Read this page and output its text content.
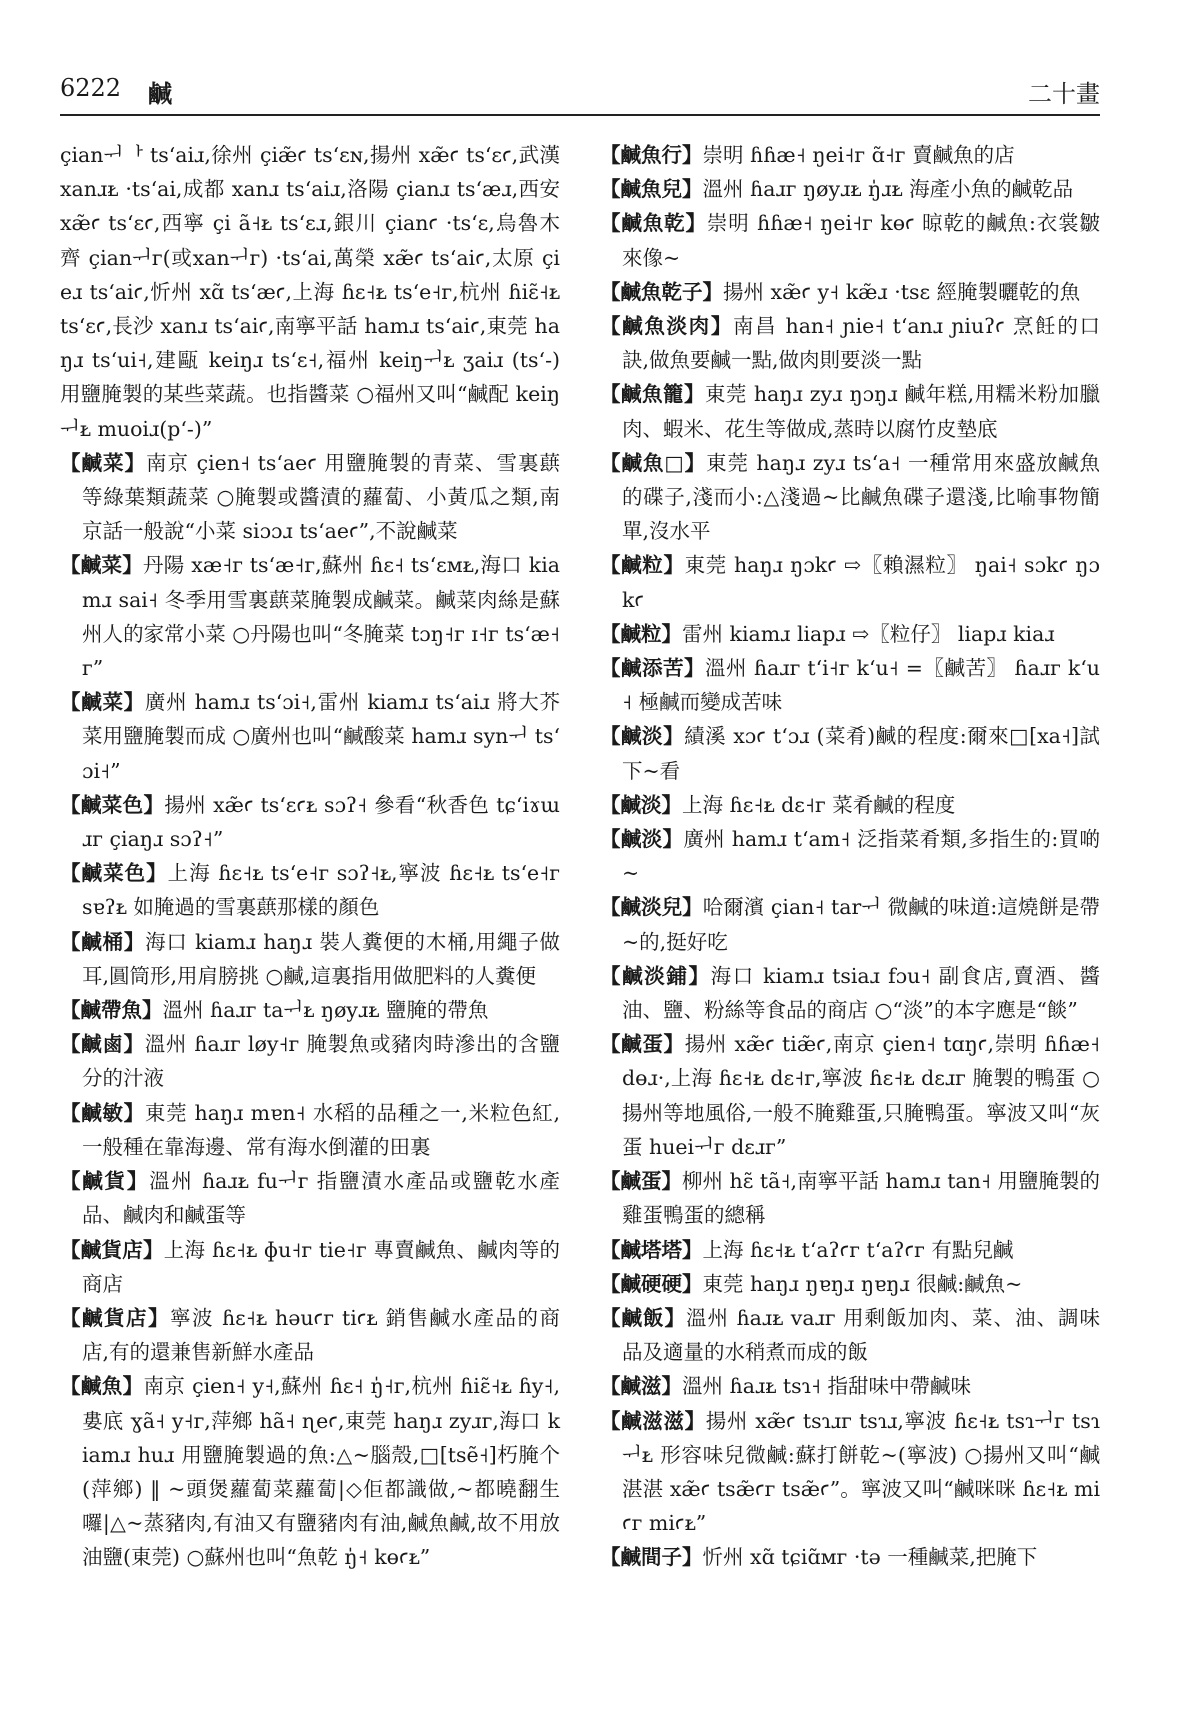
6222 鹹	二十畫
çianᅱᅡ tsʻaiɹ,徐州 çiæ̃ꜥ tsʻɛɴ,揚州 xæ̃ꜥ tsʻɛꜥ,武漢 xanɹᴌ ·tsʻai,成都 xanɹ tsʻaiɹ,洛陽 çianɹ tsʻæɹ,西安 xæ̃ꜥ tsʻɛꜥ,西寧 çi ã˧ᴌ tsʻɛɹ,銀川 çianꜥ ·tsʻɛ,烏魯木齊 çianᅱᴦ(或xanᅱᴦ) ·tsʻai,萬榮 xæ̃ꜥ tsʻaiꜥ,太原 çieɹ tsʻaiꜥ,忻州 xɑ̃ tsʻæꜥ,上海 ɦɛ˧ᴌ tsʻe˧ᴦ,杭州 ɦiɛ̃˧ᴌ tsʻɛꜥ,長沙 xanɹ tsʻaiꜥ,南寧平話 hamɹ tsʻaiꜥ,東莞 haŋɹ tsʻui˧,建甌 keiŋɹ tsʻɛ˧,福州 keiŋᅱᴌ ʒaiɹ (tsʻ-) 用鹽腌製的某些菜蔬。也指醬菜 ○福州又叫“鹹配 keiŋᅱᴌ muoiɹ(pʻ-)”
【鹹菜】南京 çien˧ tsʻaeꜥ 用鹽腌製的青菜、雪裏蕻等綠葉類蔬菜 ○腌製或醬漬的蘿蔔、小黃瓜之類,南京話一般說“小菜 siɔɔɹ tsʻaeꜥ”,不說鹹菜
【鹹菜】丹陽 xæ˧ᴦ tsʻæ˧ᴦ,蘇州 ɦɛ˧ tsʻɛᴍᴌ,海口 kiamɹ sai˧ 冬季用雪裏蕻菜腌製成鹹菜。鹹菜肉絲是蘇州人的家常小菜 ○丹陽也叫“冬腌菜 tɔŋ˧ᴦ ɪ˧ᴦ tsʻæ˧ᴦ”
【鹹菜】廣州 hamɹ tsʻɔi˧,雷州 kiamɹ tsʻaiɹ 將大芥菜用鹽腌製而成 ○廣州也叫“鹹酸菜 hamɹ synᅱ tsʻɔi˧”
【鹹菜色】揚州 xæ̃ꜥ tsʻɛꜥᴌ sɔʔ˧ 參看“秋香色 tɕʻiɤɯɹᴦ çiaŋɹ sɔʔ˧”
【鹹菜色】上海 ɦɛ˧ᴌ tsʻe˧ᴦ sɔʔ˧ᴌ,寧波 ɦɛ˧ᴌ tsʻe˧ᴦ sɐʔᴌ 如腌過的雪裏蕻那樣的顏色
【鹹桶】海口 kiamɹ haŋɹ 裝人糞便的木桶,用繩子做耳,圓筒形,用肩膀挑 ○鹹,這裏指用做肥料的人糞便
【鹹帶魚】溫州 ɦaɹᴦ taᅱᴌ ŋøyɹᴌ 鹽腌的帶魚
【鹹鹵】溫州 ɦaɹᴦ løy˧ᴦ 腌製魚或豬肉時滲出的含鹽分的汁液
【鹹敏】東莞 haŋɹ mɐn˧ 水稻的品種之一,米粒色紅,一般種在靠海邊、常有海水倒灌的田裏
【鹹貨】溫州 ɦaɹᴌ fuᅱᴦ 指鹽漬水產品或鹽乾水產品、鹹肉和鹹蛋等
【鹹貨店】上海 ɦɛ˧ᴌ ɸu˧ᴦ tie˧ᴦ 專賣鹹魚、鹹肉等的商店
【鹹貨店】寧波 ɦɛ˧ᴌ həuꜥᴦ tiꜥᴌ 銷售鹹水產品的商店,有的還兼售新鮮水產品
【鹹魚】南京 çien˧ y˧,蘇州 ɦɛ˧ ŋ̍˧ᴦ,杭州 ɦiɛ̃˧ᴌ ɦy˧,婁底 ɣã˧ y˧ᴦ,萍鄉 hã˧ ɳeꜥ,東莞 haŋɹ zyɹᴦ,海口 kiamɹ huɹ 用鹽腌製過的魚:△~腦殼,□[tsẽ˧]朽腌个(萍鄉) ‖ ~頭煲蘿蔔菜蘿蔔|◇佢都識做,~都曉翻生囉|△~蒸豬肉,有油又有鹽豬肉有油,鹹魚鹹,故不用放油鹽(東莞) ○蘇州也叫“魚乾 ŋ̍˧ kɵꜥᴌ”
【鹹魚行】崇明 ɦɦæ˧ ŋei˧ᴦ ɑ̃˧ᴦ 賣鹹魚的店
【鹹魚兒】溫州 ɦaɹᴦ ŋøyɹᴌ ŋ̍ɹᴌ 海產小魚的鹹乾品
【鹹魚乾】崇明 ɦɦæ˧ ŋei˧ᴦ kɵꜥ 晾乾的鹹魚:衣裳皺來像~
【鹹魚乾子】揚州 xæ̃ꜥ y˧ kæ̃ɹ ·tsɛ 經腌製曬乾的魚
【鹹魚淡肉】南昌 han˧ ɲie˧ tʻanɹ ɲiuʔꜥ 烹飪的口訣,做魚要鹹一點,做肉則要淡一點
【鹹魚籠】東莞 haŋɹ zyɹ ŋɔŋɹ 鹹年糕,用糯米粉加臘肉、蝦米、花生等做成,蒸時以腐竹皮墊底
【鹹魚□】東莞 haŋɹ zyɹ tsʻa˧ 一種常用來盛放鹹魚的碟子,淺而小:△淺過~比鹹魚碟子還淺,比喻事物簡單,沒水平
【鹹粒】東莞 haŋɹ ŋɔkꜥ ⇨〖賴濕粒〗 ŋai˧ sɔkꜥ ŋɔkꜥ
【鹹粒】雷州 kiamɹ liapɹ ⇨〖粒仔〗 liapɹ kiaɹ
【鹹添苦】溫州 ɦaɹᴦ tʻi˧ᴦ kʻu˧ =〖鹹苦〗 ɦaɹᴦ kʻu˧ 極鹹而變成苦味
【鹹淡】績溪 xɔꜥ tʻɔɹ (菜肴)鹹的程度:爾來□[xa˧]試下~看
【鹹淡】上海 ɦɛ˧ᴌ dɛ˧ᴦ 菜肴鹹的程度
【鹹淡】廣州 hamɹ tʻam˧ 泛指菜肴類,多指生的:買啲~
【鹹淡兒】哈爾濱 çian˧ tarᅱ 微鹹的味道:這燒餅是帶~的,挺好吃
【鹹淡鋪】海口 kiamɹ tsiaɹ fɔu˧ 副食店,賣酒、醬油、鹽、粉絲等食品的商店 ○“淡”的本字應是“餤”
【鹹蛋】揚州 xæ̃ꜥ tiæ̃ꜥ,南京 çien˧ tɑŋꜥ,崇明 ɦɦæ˧ dɵɹ·,上海 ɦɛ˧ᴌ dɛ˧ᴦ,寧波 ɦɛ˧ᴌ dɛɹᴦ 腌製的鴨蛋 ○揚州等地風俗,一般不腌雞蛋,只腌鴨蛋。寧波又叫“灰蛋 hueiᅱᴦ dɛɹᴦ”
【鹹蛋】柳州 hɛ̃ tã˧,南寧平話 hamɹ tan˧ 用鹽腌製的雞蛋鴨蛋的總稱
【鹹塔塔】上海 ɦɛ˧ᴌ tʻaʔꜥᴦ tʻaʔꜥᴦ 有點兒鹹
【鹹硬硬】東莞 haŋɹ ŋɐŋɹ ŋɐŋɹ 很鹹:鹹魚~
【鹹飯】溫州 ɦaɹᴌ vaɹᴦ 用剩飯加肉、菜、油、調味品及適量的水稍煮而成的飯
【鹹滋】溫州 ɦaɹᴌ tsɿ˧ 指甜味中帶鹹味
【鹹滋滋】揚州 xæ̃ꜥ tsɿɹᴦ tsɿɹ,寧波 ɦɛ˧ᴌ tsɿᅱᴦ tsɿᅱᴌ 形容味兒微鹹:蘇打餅乾~(寧波) ○揚州又叫“鹹湛湛 xæ̃ꜥ tsæ̃ꜥᴦ tsæ̃ꜥ”。寧波又叫“鹹咪咪 ɦɛ˧ᴌ miꜥᴦ miꜥᴌ”
【鹹間子】忻州 xɑ̃ tɕiɑ̃ᴍᴦ ·tə 一種鹹菜,把腌下
